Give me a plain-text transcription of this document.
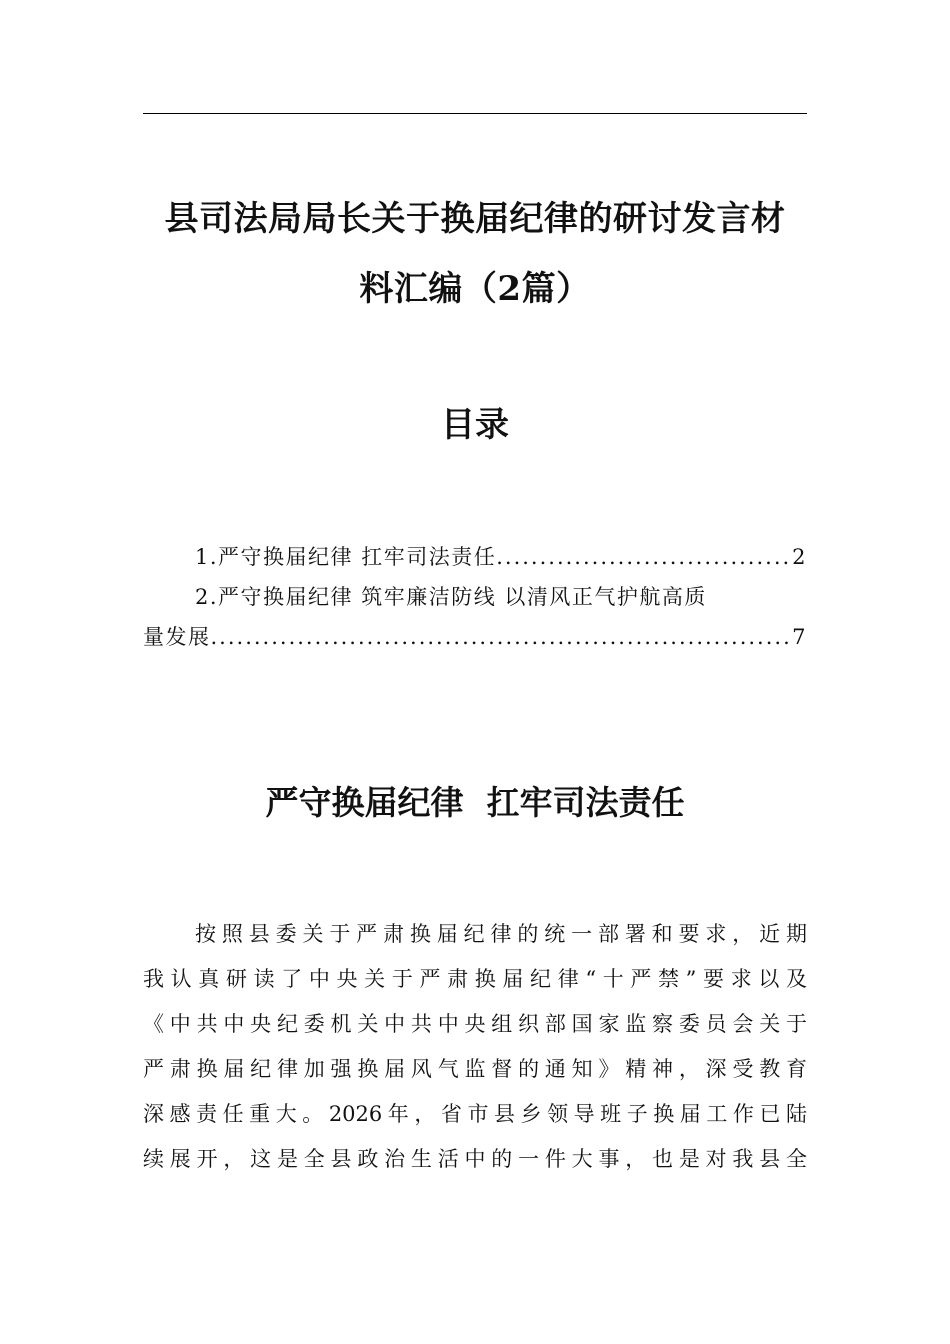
县司法局局长关于换届纪律的研讨发言材
料汇编（2篇）
目录
1.严守换届纪律 扛牢司法责任 .....	2
2.严守换届纪律 筑牢廉洁防线 以清风正气护航高质
量发展 .....	7
严守换届纪律  扛牢司法责任
按照县委关于严肃换届纪律的统一部署和要求，近期
我认真研读了中央关于严肃换届纪律“十严禁”要求以及
《中共中央纪委机关中共中央组织部国家监察委员会关于
严肃换届纪律加强换届风气监督的通知》精神，深受教育
深感责任重大。2026年，省市县乡领导班子换届工作已陆
续展开，这是全县政治生活中的一件大事，也是对我县全
